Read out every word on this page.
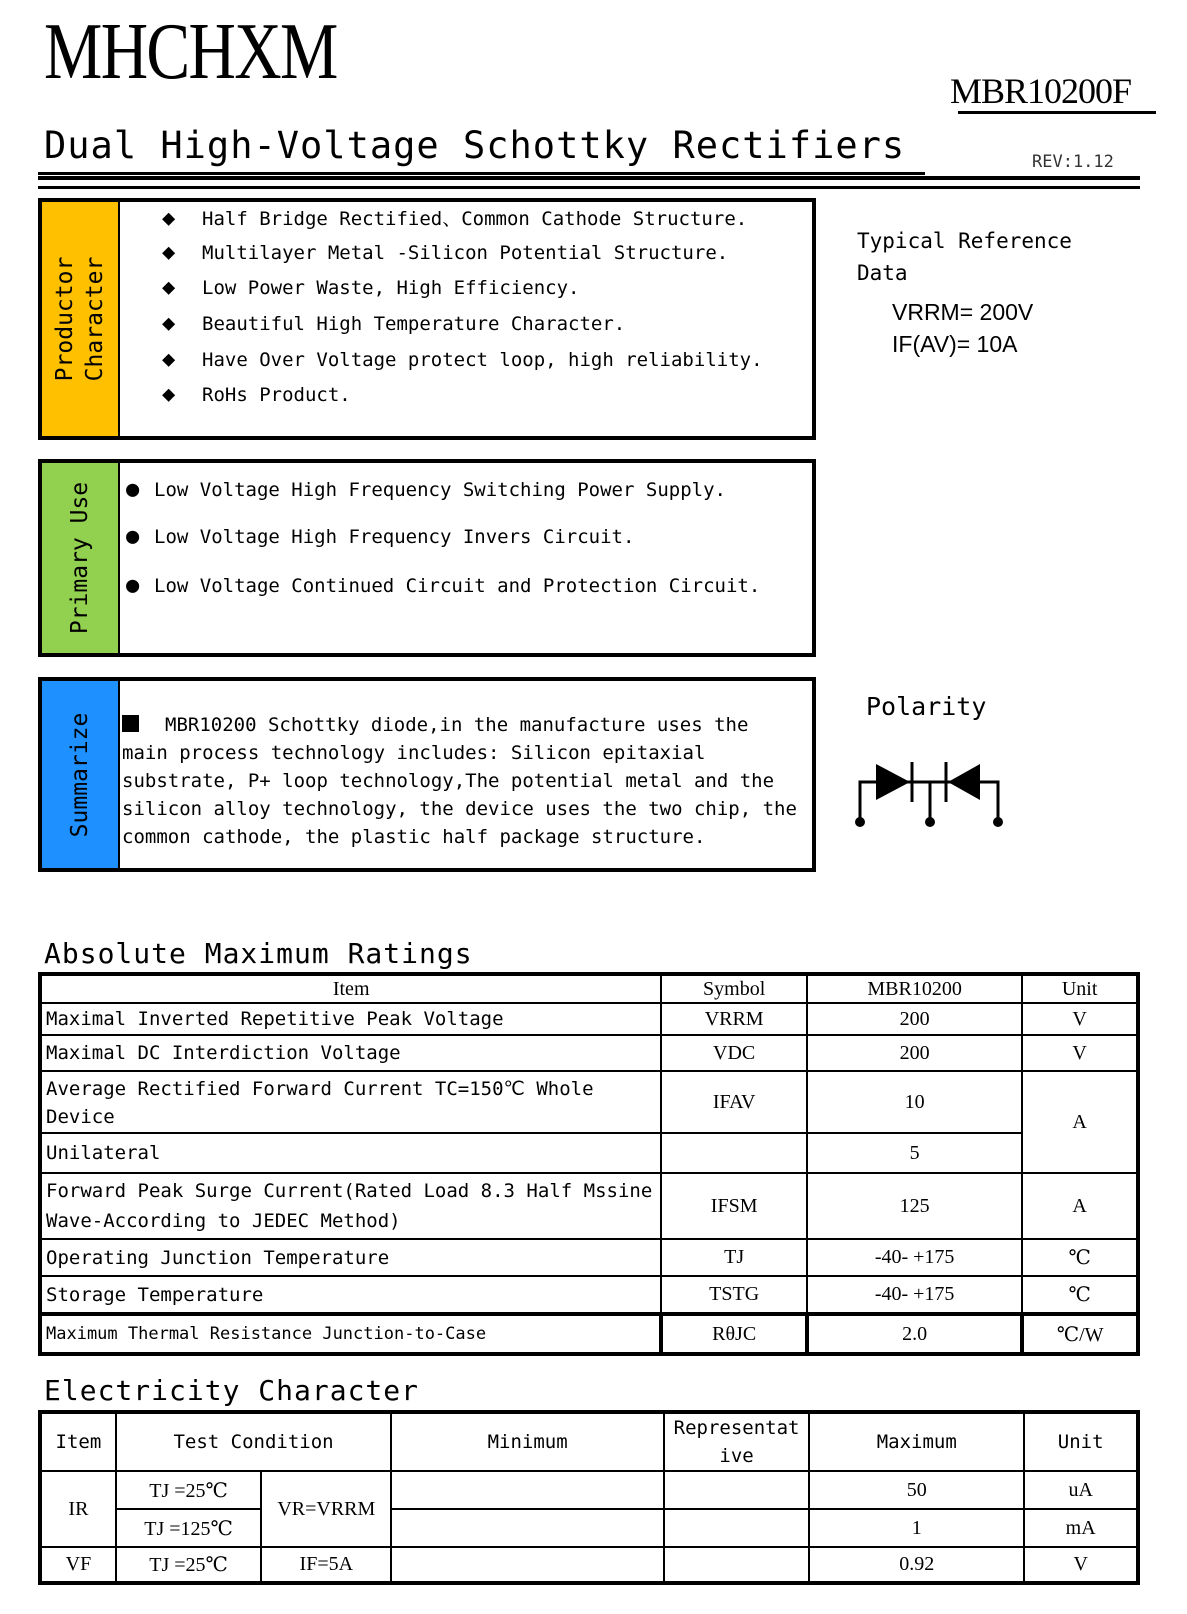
MHCHXM	MBR10200F
Dual High-Voltage Schottky Rectifiers	REV:1.12
Productor Character
◆ Half Bridge Rectified、Common Cathode Structure.
◆ Multilayer Metal -Silicon Potential Structure.
◆ Low Power Waste, High Efficiency.
◆ Beautiful High Temperature Character.
◆ Have Over Voltage protect loop, high reliability.
◆ RoHs Product.
Typical Reference
Data
VRRM= 200V
IF(AV)= 10A
Primary Use ● Low Voltage High Frequency Switching Power Supply.
● Low Voltage High Frequency Invers Circuit.
● Low Voltage Continued Circuit and Protection Circuit.
Summarize	MBR10200 Schottky diode,in the manufacture uses the main process technology includes: Silicon epitaxial substrate, P+ loop technology,The potential metal and the silicon alloy technology, the device uses the two chip, the common cathode, the plastic half package structure.
Polarity
Absolute Maximum Ratings
Item	Symbol	MBR10200	Unit
Maximal Inverted Repetitive Peak Voltage	VRRM	200	V
Maximal DC Interdiction Voltage	VDC	200	V
Average Rectified Forward Current TC=150℃ Whole Device	IFAV	10	A
Unilateral		5	
Forward Peak Surge Current(Rated Load 8.3 Half Mssine Wave-According to JEDEC Method)	IFSM	125	A
Operating Junction Temperature	TJ	-40- +175	℃
Storage Temperature	TSTG	-40- +175	℃
Maximum Thermal Resistance Junction-to-Case	RθJC	2.0	℃/W
Electricity Character
Item	Test Condition		Minimum	Representative	Maximum	Unit
IR	TJ =25℃	VR=VRRM			50	uA
	TJ =125℃				1	mA
VF	TJ =25℃	IF=5A			0.92	V
